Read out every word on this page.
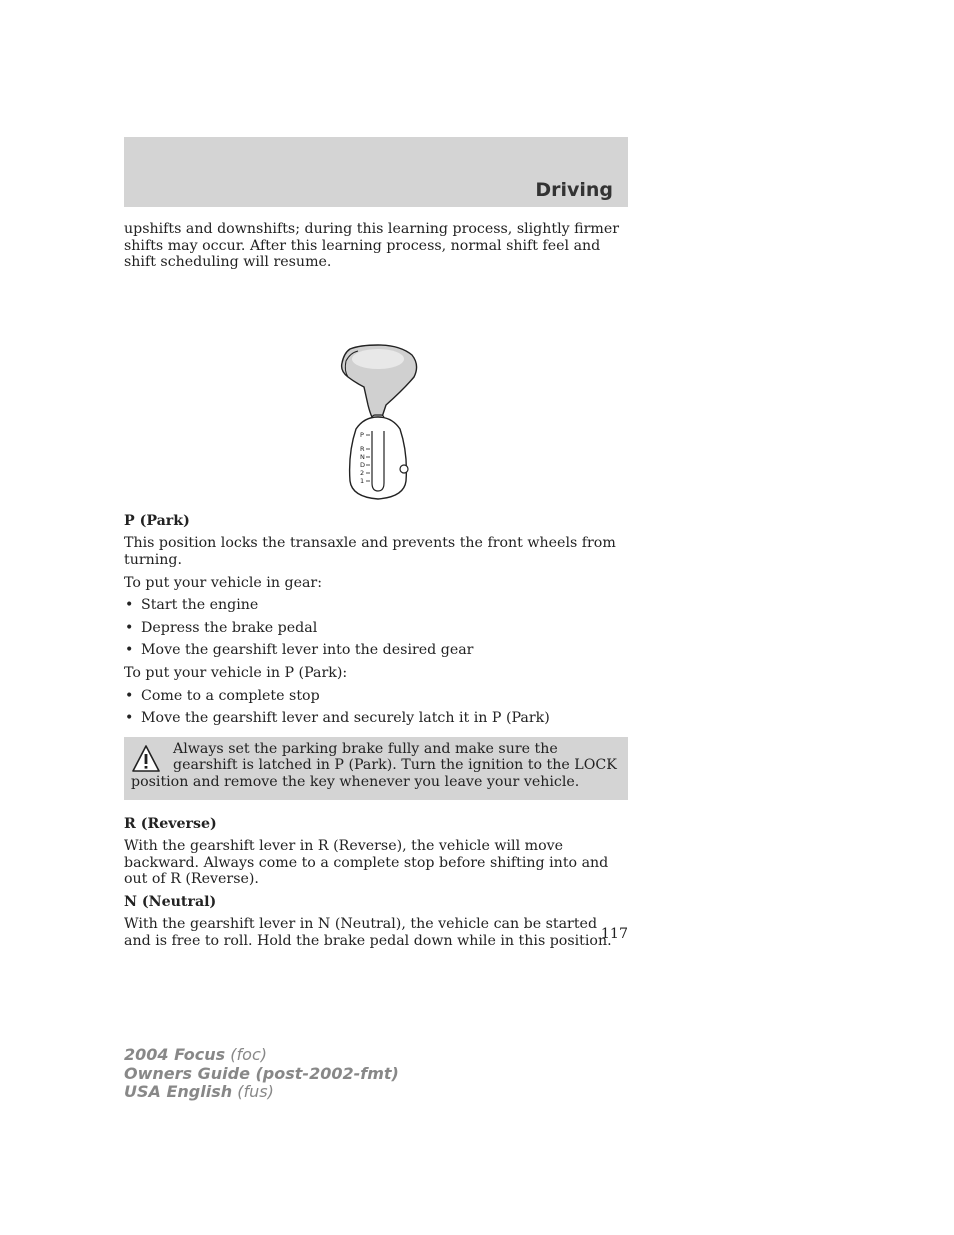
Driving

upshifts and downshifts; during this learning process, slightly firmer shifts may occur. After this learning process, normal shift feel and shift scheduling will resume.

P
R
N
D
2
1

P (Park)

This position locks the transaxle and prevents the front wheels from turning.

To put your vehicle in gear:

• Start the engine
• Depress the brake pedal
• Move the gearshift lever into the desired gear

To put your vehicle in P (Park):

• Come to a complete stop
• Move the gearshift lever and securely latch it in P (Park)

Always set the parking brake fully and make sure the gearshift is latched in P (Park). Turn the ignition to the LOCK position and remove the key whenever you leave your vehicle.

R (Reverse)

With the gearshift lever in R (Reverse), the vehicle will move backward. Always come to a complete stop before shifting into and out of R (Reverse).

N (Neutral)

With the gearshift lever in N (Neutral), the vehicle can be started and is free to roll. Hold the brake pedal down while in this position.

117

2004 Focus (foc)
Owners Guide (post-2002-fmt)
USA English (fus)
